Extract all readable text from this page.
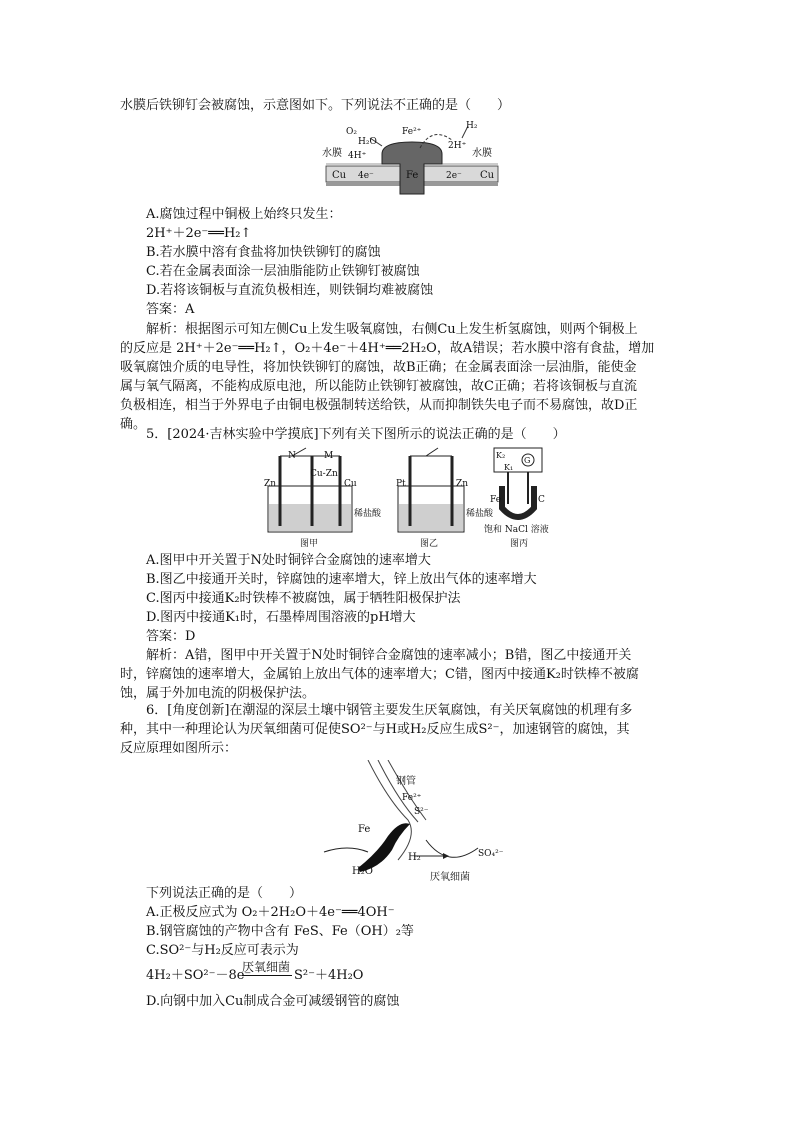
水膜后铁铆钉会被腐蚀，示意图如下。下列说法不正确的是（　　）
O₂
H₂O
Fe²⁺
H₂
4H⁺
2H⁺
水膜	水膜
Cu 4e⁻	Fe	2e⁻ Cu
A.腐蚀过程中铜极上始终只发生：
2H⁺＋2e⁻══H₂↑
B.若水膜中溶有食盐将加快铁铆钉的腐蚀
C.若在金属表面涂一层油脂能防止铁铆钉被腐蚀
D.若将该铜板与直流负极相连，则铁铜均难被腐蚀
答案：A
解析：根据图示可知左侧Cu上发生吸氧腐蚀，右侧Cu上发生析氢腐蚀，则两个铜极上
的反应是 2H⁺＋2e⁻══H₂↑，O₂＋4e⁻＋4H⁺══2H₂O，故A错误；若水膜中溶有食盐，增加
吸氧腐蚀介质的电导性，将加快铁铆钉的腐蚀，故B正确；在金属表面涂一层油脂，能使金
属与氧气隔离，不能构成原电池，所以能防止铁铆钉被腐蚀，故C正确；若将该铜板与直流
负极相连，相当于外界电子由铜电极强制转送给铁，从而抑制铁失电子而不易腐蚀，故D正
确。
5．[2024·吉林实验中学摸底]下列有关下图所示的说法正确的是（　　）
N	M
Cu-Zn
Zn	Cu
稀盐酸
图甲
Pt	Zn
稀盐酸
图乙
G
K₂
K₁
Fe	C
饱和 NaCl 溶液
图丙
A.图甲中开关置于N处时铜锌合金腐蚀的速率增大
B.图乙中接通开关时，锌腐蚀的速率增大，锌上放出气体的速率增大
C.图丙中接通K₂时铁棒不被腐蚀，属于牺牲阳极保护法
D.图丙中接通K₁时，石墨棒周围溶液的pH增大
答案：D
解析：A错，图甲中开关置于N处时铜锌合金腐蚀的速率减小；B错，图乙中接通开关
时，锌腐蚀的速率增大，金属铂上放出气体的速率增大；C错，图丙中接通K₂时铁棒不被腐
蚀，属于外加电流的阴极保护法。
6．[角度创新]在潮湿的深层土壤中钢管主要发生厌氧腐蚀，有关厌氧腐蚀的机理有多
种，其中一种理论认为厌氧细菌可促使SO²⁻与H或H₂反应生成S²⁻，加速钢管的腐蚀，其
反应原理如图所示：
钢管
Fe²⁺
Fe
S²⁻
H₂	SO₄²⁻
H₂O
厌氧细菌
下列说法正确的是（　　）
A.正极反应式为 O₂＋2H₂O＋4e⁻══4OH⁻
B.钢管腐蚀的产物中含有 FeS、Fe（OH）₂等
C.SO²⁻与H₂反应可表示为
厌氧细菌
4H₂＋SO²⁻－8e⁻	S²⁻＋4H₂O
D.向钢中加入Cu制成合金可减缓钢管的腐蚀
